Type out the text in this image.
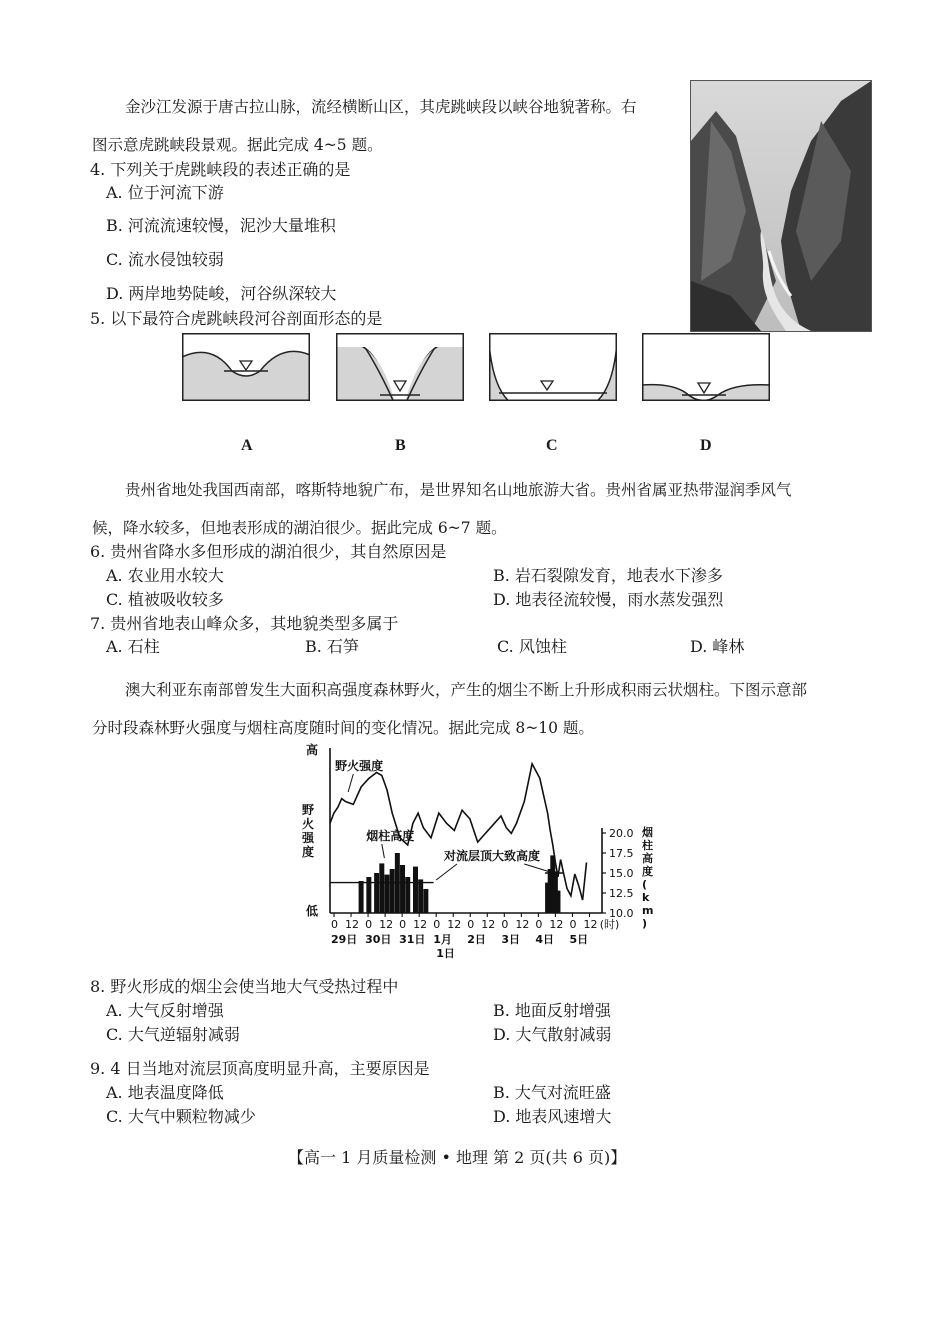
金沙江发源于唐古拉山脉，流经横断山区，其虎跳峡段以峡谷地貌著称。右
图示意虎跳峡段景观。据此完成 4~5 题。
4. 下列关于虎跳峡段的表述正确的是
A. 位于河流下游
B. 河流流速较慢，泥沙大量堆积
C. 流水侵蚀较弱
D. 两岸地势陡峻，河谷纵深较大
5. 以下最符合虎跳峡段河谷剖面形态的是
A	B	C	D
贵州省地处我国西南部，喀斯特地貌广布，是世界知名山地旅游大省。贵州省属亚热带湿润季风气
候，降水较多，但地表形成的湖泊很少。据此完成 6~7 题。
6. 贵州省降水多但形成的湖泊很少，其自然原因是
A. 农业用水较大	B. 岩石裂隙发育，地表水下渗多
C. 植被吸收较多	D. 地表径流较慢，雨水蒸发强烈
7. 贵州省地表山峰众多，其地貌类型多属于
A. 石柱	B. 石笋	C. 风蚀柱	D. 峰林
澳大利亚东南部曾发生大面积高强度森林野火，产生的烟尘不断上升形成积雨云状烟柱。下图示意部
分时段森林野火强度与烟柱高度随时间的变化情况。据此完成 8~10 题。
高
低
野
火
强
度
烟
柱
高
度
(
k
m
)
20.0
17.5
15.0
12.5
10.0
0 12 0 12 0 12 0 12 0 12 0 12 0 12 0 12 (时)
29日 30日 31日 1月 2日 3日 4日 5日
1日
野火强度
烟柱高度
对流层顶大致高度
8. 野火形成的烟尘会使当地大气受热过程中
A. 大气反射增强	B. 地面反射增强
C. 大气逆辐射减弱	D. 大气散射减弱
9. 4 日当地对流层顶高度明显升高，主要原因是
A. 地表温度降低	B. 大气对流旺盛
C. 大气中颗粒物减少	D. 地表风速增大
【高一 1 月质量检测 • 地理 第 2 页(共 6 页)】
